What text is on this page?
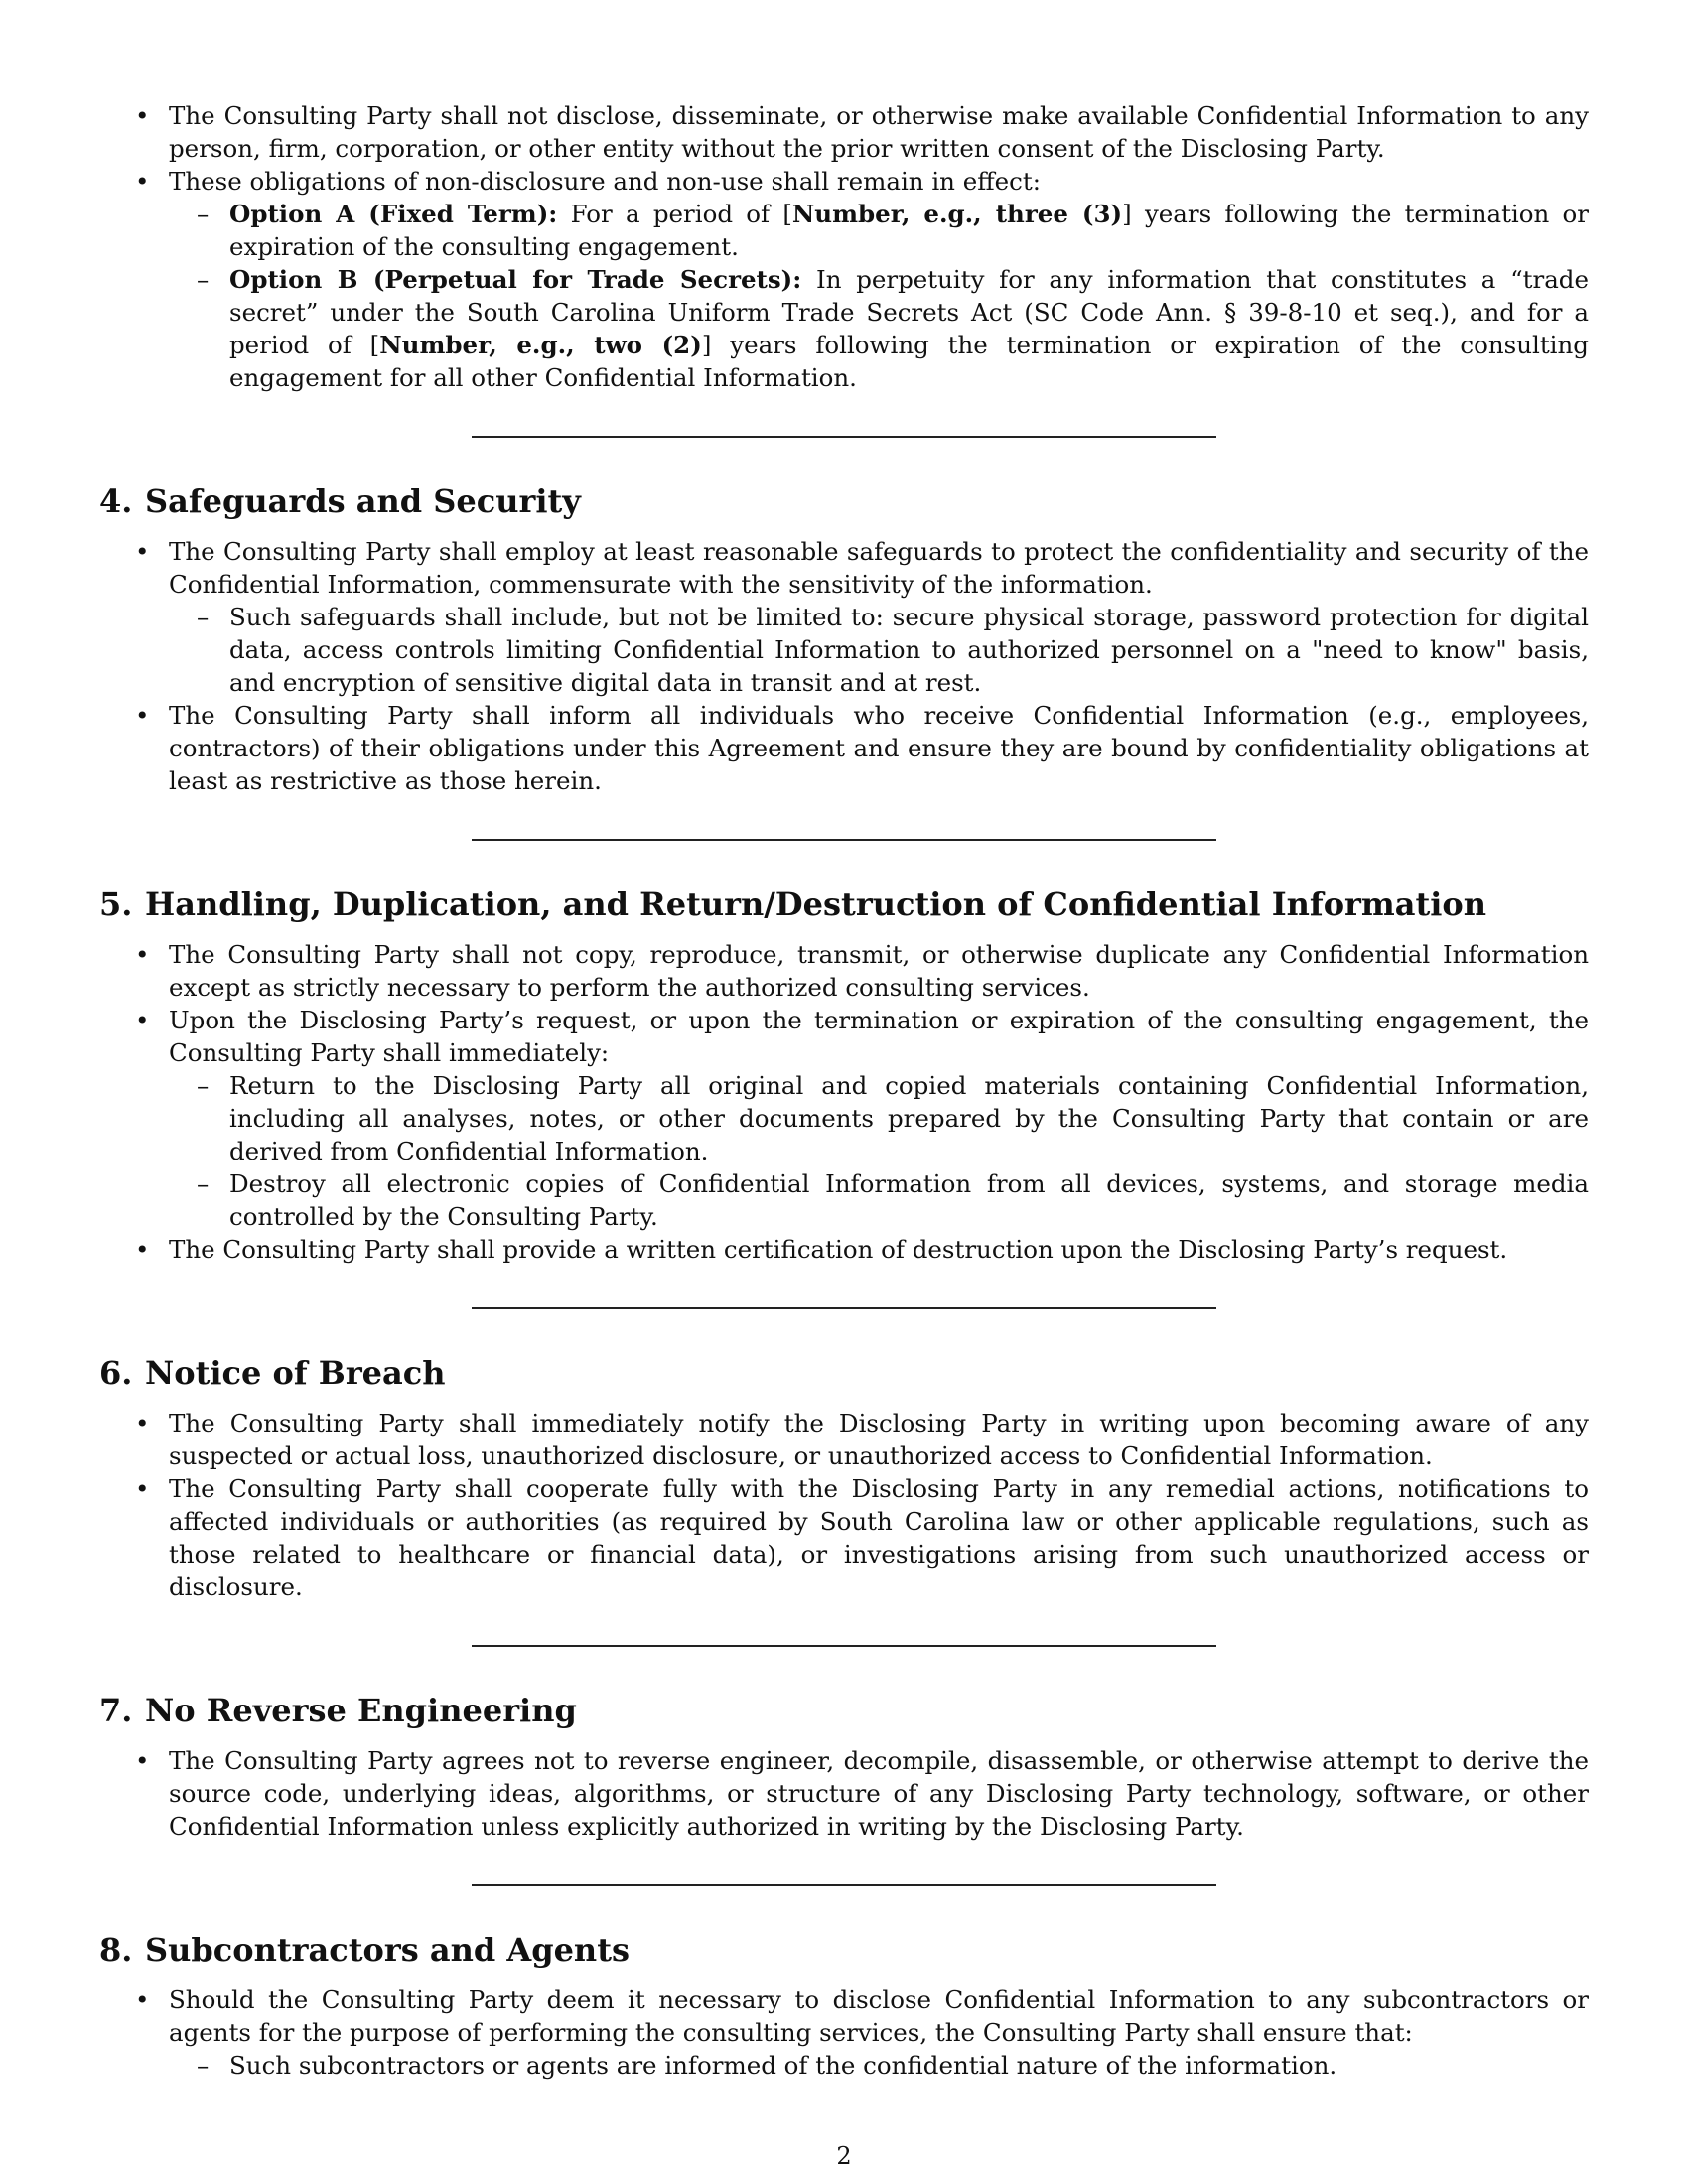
• The Consulting Party shall not disclose, disseminate, or otherwise make available Confidential Information to any person, firm, corporation, or other entity without the prior written consent of the Disclosing Party.
• These obligations of non-disclosure and non-use shall remain in effect:
– Option A (Fixed Term): For a period of [Number, e.g., three (3)] years following the termination or expiration of the consulting engagement.
– Option B (Perpetual for Trade Secrets): In perpetuity for any information that constitutes a “trade secret” under the South Carolina Uniform Trade Secrets Act (SC Code Ann. § 39-8-10 et seq.), and for a period of [Number, e.g., two (2)] years following the termination or expiration of the consulting engagement for all other Confidential Information.
4. Safeguards and Security
• The Consulting Party shall employ at least reasonable safeguards to protect the confidentiality and security of the Confidential Information, commensurate with the sensitivity of the information.
– Such safeguards shall include, but not be limited to: secure physical storage, password protection for digital data, access controls limiting Confidential Information to authorized personnel on a "need to know" basis, and encryption of sensitive digital data in transit and at rest.
• The Consulting Party shall inform all individuals who receive Confidential Information (e.g., employees, contractors) of their obligations under this Agreement and ensure they are bound by confidentiality obligations at least as restrictive as those herein.
5. Handling, Duplication, and Return/Destruction of Confidential Information
• The Consulting Party shall not copy, reproduce, transmit, or otherwise duplicate any Confidential Information except as strictly necessary to perform the authorized consulting services.
• Upon the Disclosing Party’s request, or upon the termination or expiration of the consulting engagement, the Consulting Party shall immediately:
– Return to the Disclosing Party all original and copied materials containing Confidential Information, including all analyses, notes, or other documents prepared by the Consulting Party that contain or are derived from Confidential Information.
– Destroy all electronic copies of Confidential Information from all devices, systems, and storage media controlled by the Consulting Party.
• The Consulting Party shall provide a written certification of destruction upon the Disclosing Party’s request.
6. Notice of Breach
• The Consulting Party shall immediately notify the Disclosing Party in writing upon becoming aware of any suspected or actual loss, unauthorized disclosure, or unauthorized access to Confidential Information.
• The Consulting Party shall cooperate fully with the Disclosing Party in any remedial actions, notifications to affected individuals or authorities (as required by South Carolina law or other applicable regulations, such as those related to healthcare or financial data), or investigations arising from such unauthorized access or disclosure.
7. No Reverse Engineering
• The Consulting Party agrees not to reverse engineer, decompile, disassemble, or otherwise attempt to derive the source code, underlying ideas, algorithms, or structure of any Disclosing Party technology, software, or other Confidential Information unless explicitly authorized in writing by the Disclosing Party.
8. Subcontractors and Agents
• Should the Consulting Party deem it necessary to disclose Confidential Information to any subcontractors or agents for the purpose of performing the consulting services, the Consulting Party shall ensure that:
– Such subcontractors or agents are informed of the confidential nature of the information.
2
